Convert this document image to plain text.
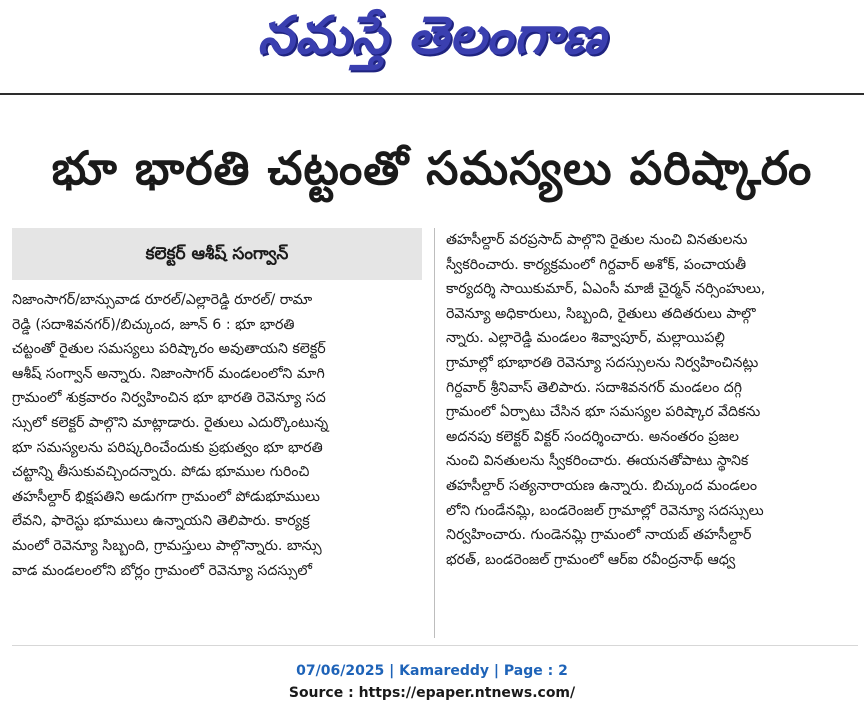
నమస్తే తెలంగాణ
భూ భారతి చట్టంతో సమస్యలు పరిష్కారం
కలెక్టర్ ఆశీష్ సంగ్వాన్
నిజాంసాగర్/బాన్సువాడ రూరల్/ఎల్లారెడ్డి రూరల్/ రామా
రెడ్డి (సదాశివనగర్)/బిచ్కుంద, జూన్ 6 : భూ భారతి
చట్టంతో రైతుల సమస్యలు పరిష్కారం అవుతాయని కలెక్టర్
ఆశీష్ సంగ్వాన్ అన్నారు. నిజాంసాగర్ మండలంలోని మాగి
గ్రామంలో శుక్రవారం నిర్వహించిన భూ భారతి రెవెన్యూ సద
స్సులో కలెక్టర్ పాల్గొని మాట్లాడారు. రైతులు ఎదుర్కొంటున్న
భూ సమస్యలను పరిష్కరించేందుకు ప్రభుత్వం భూ భారతి
చట్టాన్ని తీసుకువచ్చిందన్నారు. పోడు భూముల గురించి
తహసీల్దార్ భిక్షపతిని అడుగగా గ్రామంలో పోడుభూములు
లేవని, ఫారెస్టు భూములు ఉన్నాయని తెలిపారు. కార్యక్ర
మంలో రెవెన్యూ సిబ్బంది, గ్రామస్తులు పాల్గొన్నారు. బాన్సు
వాడ మండలంలోని బోర్లం గ్రామంలో రెవెన్యూ సదస్సులో
తహసీల్దార్ వరప్రసాద్ పాల్గొని రైతుల నుంచి వినతులను
స్వీకరించారు. కార్యక్రమంలో గిర్దవార్ అశోక్, పంచాయతీ
కార్యదర్శి సాయికుమార్, ఏఎంసీ మాజీ చైర్మన్ నర్సింహులు,
రెవెన్యూ అధికారులు, సిబ్బంది, రైతులు తదితరులు పాల్గొ
న్నారు. ఎల్లారెడ్డి మండలం శివ్వాపూర్, మల్లాయిపల్లి
గ్రామాల్లో భూభారతి రెవెన్యూ సదస్సులను నిర్వహించినట్లు
గిర్దవార్ శ్రీనివాస్ తెలిపారు. సదాశివనగర్ మండలం దగ్గి
గ్రామంలో ఏర్పాటు చేసిన భూ సమస్యల పరిష్కార వేదికను
అదనపు కలెక్టర్ విక్టర్ సందర్శించారు. అనంతరం ప్రజల
నుంచి వినతులను స్వీకరించారు. ఈయనతోపాటు స్థానిక
తహసీల్దార్ సత్యనారాయణ ఉన్నారు. బిచ్కుంద మండలం
లోని గుండేనమ్లి, బండరెంజల్ గ్రామాల్లో రెవెన్యూ సదస్సులు
నిర్వహించారు. గుండెనమ్లి గ్రామంలో నాయబ్ తహసీల్దార్
భరత్, బండరెంజల్ గ్రామంలో ఆర్ఐ రవీంద్రనాథ్ ఆధ్వ
07/06/2025 | Kamareddy | Page : 2
Source : https://epaper.ntnews.com/
